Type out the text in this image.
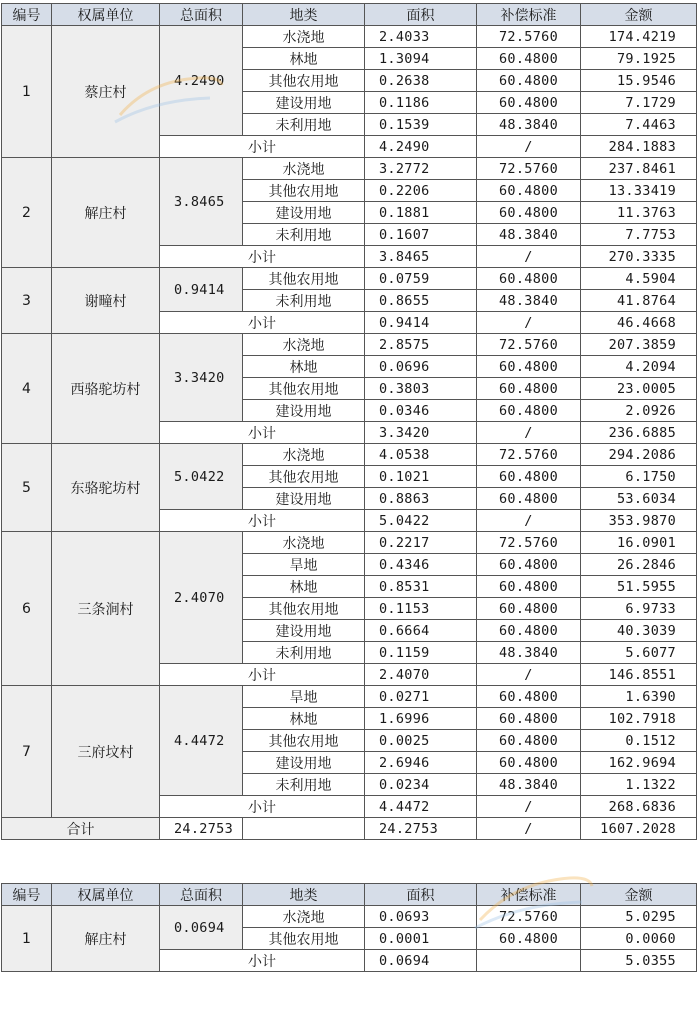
编号	权属单位	总面积	地类	面积	补偿标准	金额
1	蔡庄村	4.2490	水浇地	2.4033	72.5760	174.4219
			林地	1.3094	60.4800	79.1925
			其他农用地	0.2638	60.4800	15.9546
			建设用地	0.1186	60.4800	7.1729
			未利用地	0.1539	48.3840	7.4463
		小计		4.2490	/	284.1883
2	解庄村	3.8465	水浇地	3.2772	72.5760	237.8461
			其他农用地	0.2206	60.4800	13.33419
			建设用地	0.1881	60.4800	11.3763
			未利用地	0.1607	48.3840	7.7753
		小计		3.8465	/	270.3335
3	谢疃村	0.9414	其他农用地	0.0759	60.4800	4.5904
			未利用地	0.8655	48.3840	41.8764
		小计		0.9414	/	46.4668
4	西骆驼坊村	3.3420	水浇地	2.8575	72.5760	207.3859
			林地	0.0696	60.4800	4.2094
			其他农用地	0.3803	60.4800	23.0005
			建设用地	0.0346	60.4800	2.0926
		小计		3.3420	/	236.6885
5	东骆驼坊村	5.0422	水浇地	4.0538	72.5760	294.2086
			其他农用地	0.1021	60.4800	6.1750
			建设用地	0.8863	60.4800	53.6034
		小计		5.0422	/	353.9870
6	三条涧村	2.4070	水浇地	0.2217	72.5760	16.0901
			旱地	0.4346	60.4800	26.2846
			林地	0.8531	60.4800	51.5955
			其他农用地	0.1153	60.4800	6.9733
			建设用地	0.6664	60.4800	40.3039
			未利用地	0.1159	48.3840	5.6077
		小计		2.4070	/	146.8551
7	三府坟村	4.4472	旱地	0.0271	60.4800	1.6390
			林地	1.6996	60.4800	102.7918
			其他农用地	0.0025	60.4800	0.1512
			建设用地	2.6946	60.4800	162.9694
			未利用地	0.0234	48.3840	1.1322
		小计		4.4472	/	268.6836
合计		24.2753		24.2753	/	1607.2028
编号	权属单位	总面积	地类	面积	补偿标准	金额
1	解庄村	0.0694	水浇地	0.0693	72.5760	5.0295
			其他农用地	0.0001	60.4800	0.0060
		小计		0.0694		5.0355
